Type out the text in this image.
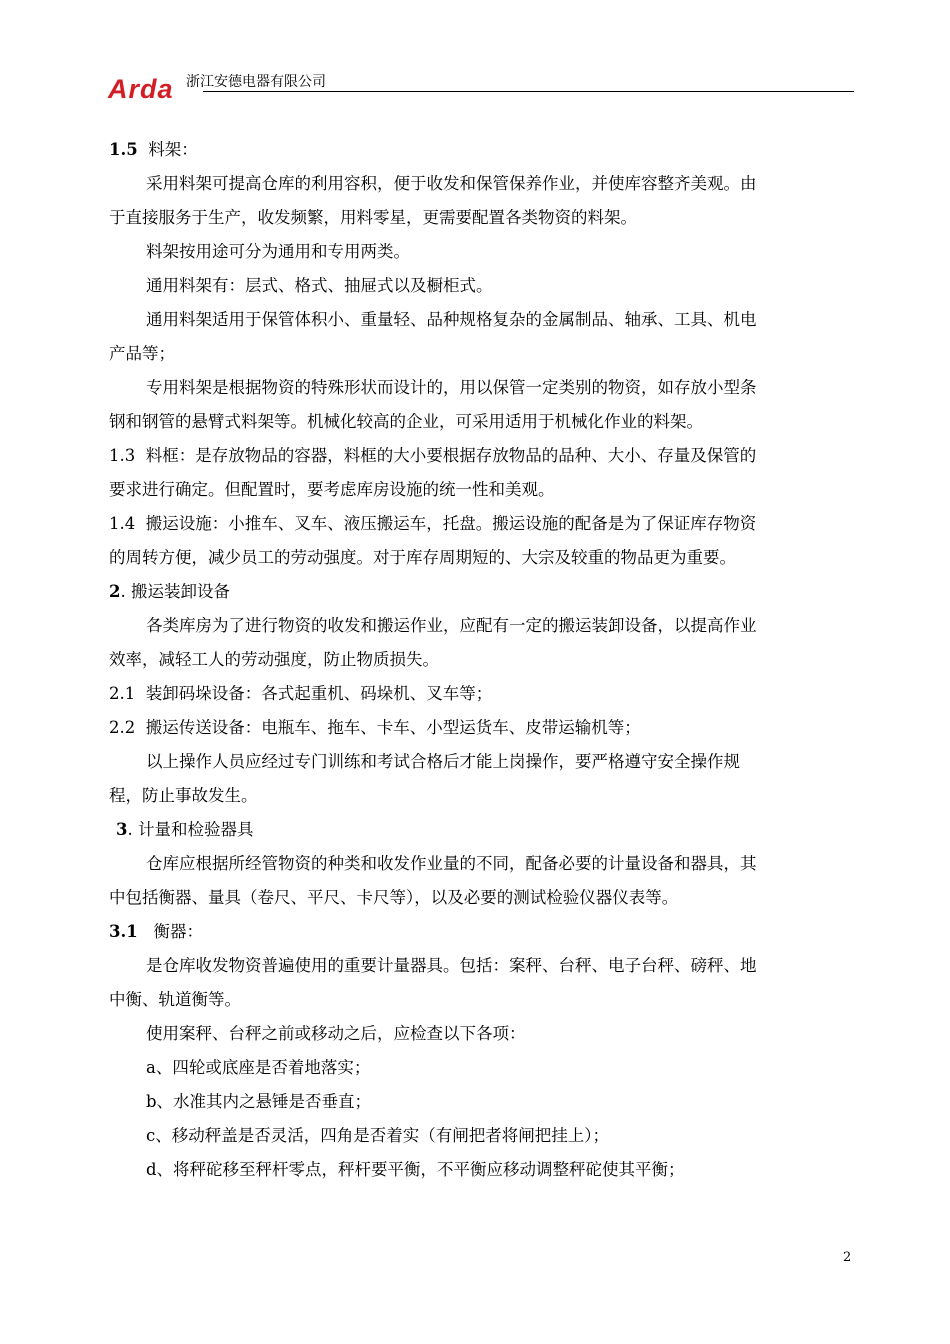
Arda 浙江安德电器有限公司
1.5  料架：
采用料架可提高仓库的利用容积，便于收发和保管保养作业，并使库容整齐美观。由
于直接服务于生产，收发频繁，用料零星，更需要配置各类物资的料架。
料架按用途可分为通用和专用两类。
通用料架有：层式、格式、抽屉式以及橱柜式。
通用料架适用于保管体积小、重量轻、品种规格复杂的金属制品、轴承、工具、机电
产品等；
专用料架是根据物资的特殊形状而设计的，用以保管一定类别的物资，如存放小型条
钢和钢管的悬臂式料架等。机械化较高的企业，可采用适用于机械化作业的料架。
1.3  料框：是存放物品的容器，料框的大小要根据存放物品的品种、大小、存量及保管的
要求进行确定。但配置时，要考虑库房设施的统一性和美观。
1.4  搬运设施：小推车、叉车、液压搬运车，托盘。搬运设施的配备是为了保证库存物资
的周转方便，减少员工的劳动强度。对于库存周期短的、大宗及较重的物品更为重要。
2. 搬运装卸设备
各类库房为了进行物资的收发和搬运作业，应配有一定的搬运装卸设备，以提高作业
效率，减轻工人的劳动强度，防止物质损失。
2.1  装卸码垛设备：各式起重机、码垛机、叉车等；
2.2  搬运传送设备：电瓶车、拖车、卡车、小型运货车、皮带运输机等；
以上操作人员应经过专门训练和考试合格后才能上岗操作，要严格遵守安全操作规
程，防止事故发生。
3. 计量和检验器具
仓库应根据所经管物资的种类和收发作业量的不同，配备必要的计量设备和器具，其
中包括衡器、量具（卷尺、平尺、卡尺等），以及必要的测试检验仪器仪表等。
3.1   衡器：
是仓库收发物资普遍使用的重要计量器具。包括：案秤、台秤、电子台秤、磅秤、地
中衡、轨道衡等。
使用案秤、台秤之前或移动之后，应检查以下各项：
a、四轮或底座是否着地落实；
b、水准其内之悬锤是否垂直；
c、移动秤盖是否灵活，四角是否着实（有闸把者将闸把挂上）；
d、将秤砣移至秤杆零点，秤杆要平衡，不平衡应移动调整秤砣使其平衡；
2
